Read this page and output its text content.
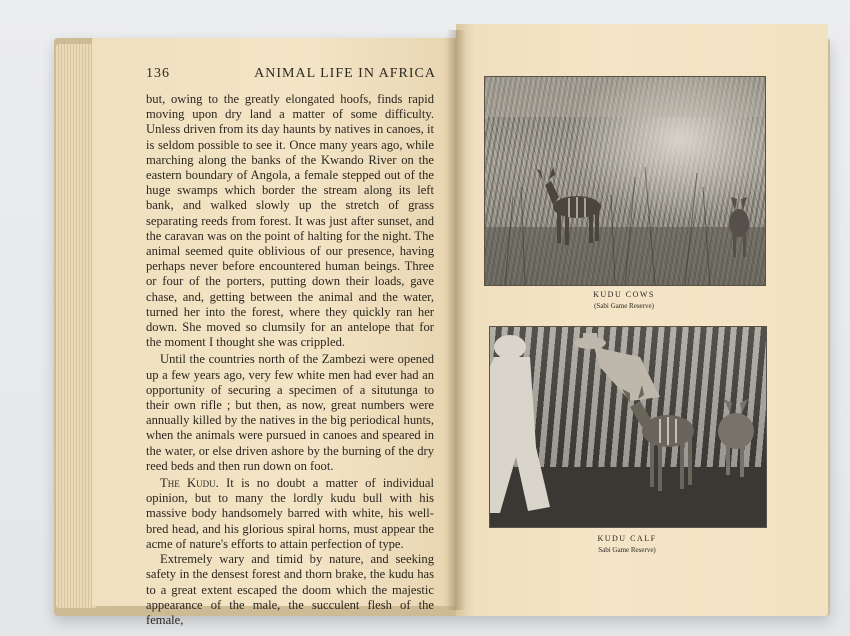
136	ANIMAL LIFE IN AFRICA

but, owing to the greatly elongated hoofs, finds rapid moving upon dry land a matter of some difficulty. Unless driven from its day haunts by natives in canoes, it is seldom possible to see it. Once many years ago, while marching along the banks of the Kwando River on the eastern boundary of Angola, a female stepped out of the huge swamps which border the stream along its left bank, and walked slowly up the stretch of grass separating reeds from forest. It was just after sunset, and the caravan was on the point of halting for the night. The animal seemed quite oblivious of our presence, having perhaps never before encountered human beings. Three or four of the porters, putting down their loads, gave chase, and, getting between the animal and the water, turned her into the forest, where they quickly ran her down. She moved so clumsily for an antelope that for the moment I thought she was crippled.

Until the countries north of the Zambezi were opened up a few years ago, very few white men had ever had an opportunity of securing a specimen of a situtunga to their own rifle ; but then, as now, great numbers were annually killed by the natives in the big periodical hunts, when the animals were pursued in canoes and speared in the water, or else driven ashore by the burning of the dry reed beds and then run down on foot.

The Kudu. It is no doubt a matter of individual opinion, but to many the lordly kudu bull with his massive body handsomely barred with white, his well-bred head, and his glorious spiral horns, must appear the acme of nature's efforts to attain perfection of type.

Extremely wary and timid by nature, and seeking safety in the densest forest and thorn brake, the kudu has to a great extent escaped the doom which the majestic appearance of the male, the succulent flesh of the female,

KUDU COWS
(Sabi Game Reserve)
KUDU CALF
Sabi Game Reserve)
